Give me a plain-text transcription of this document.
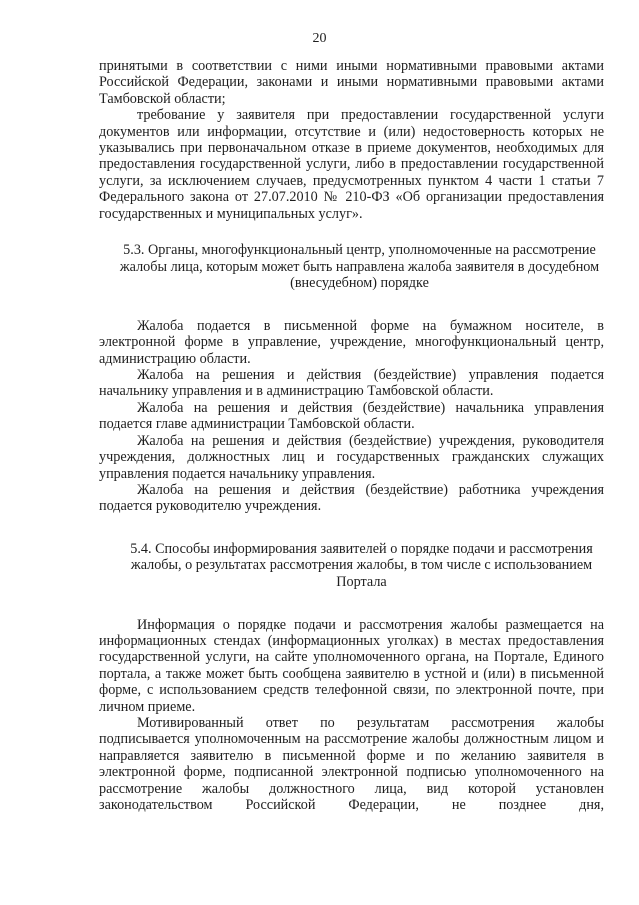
20

принятыми в соответствии с ними иными нормативными правовыми актами Российской Федерации, законами и иными нормативными правовыми актами Тамбовской области;

требование у заявителя при предоставлении государственной услуги документов или информации, отсутствие и (или) недостоверность которых не указывались при первоначальном отказе в приеме документов, необходимых для предоставления государственной услуги, либо в предоставлении государственной услуги, за исключением случаев, предусмотренных пунктом 4 части 1 статьи 7 Федерального закона от 27.07.2010 № 210-ФЗ «Об организации предоставления государственных и муниципальных услуг».

5.3. Органы, многофункциональный центр, уполномоченные на рассмотрение жалобы лица, которым может быть направлена жалоба заявителя в досудебном (внесудебном) порядке

Жалоба подается в письменной форме на бумажном носителе, в электронной форме в управление, учреждение, многофункциональный центр, администрацию области.

Жалоба на решения и действия (бездействие) управления подается начальнику управления и в администрацию Тамбовской области.

Жалоба на решения и действия (бездействие) начальника управления подается главе администрации Тамбовской области.

Жалоба на решения и действия (бездействие) учреждения, руководителя учреждения, должностных лиц и государственных гражданских служащих управления подается начальнику управления.

Жалоба на решения и действия (бездействие) работника учреждения подается руководителю учреждения.

5.4. Способы информирования заявителей о порядке подачи и рассмотрения жалобы, о результатах рассмотрения жалобы, в том числе с использованием Портала

Информация о порядке подачи и рассмотрения жалобы размещается на информационных стендах (информационных уголках) в местах предоставления государственной услуги, на сайте уполномоченного органа, на Портале, Единого портала, а также может быть сообщена заявителю в устной и (или) в письменной форме, с использованием средств телефонной связи, по электронной почте, при личном приеме.

Мотивированный ответ по результатам рассмотрения жалобы подписывается уполномоченным на рассмотрение жалобы должностным лицом и направляется заявителю в письменной форме и по желанию заявителя в электронной форме, подписанной электронной подписью уполномоченного на рассмотрение жалобы должностного лица, вид которой установлен законодательством Российской Федерации, не позднее дня,
